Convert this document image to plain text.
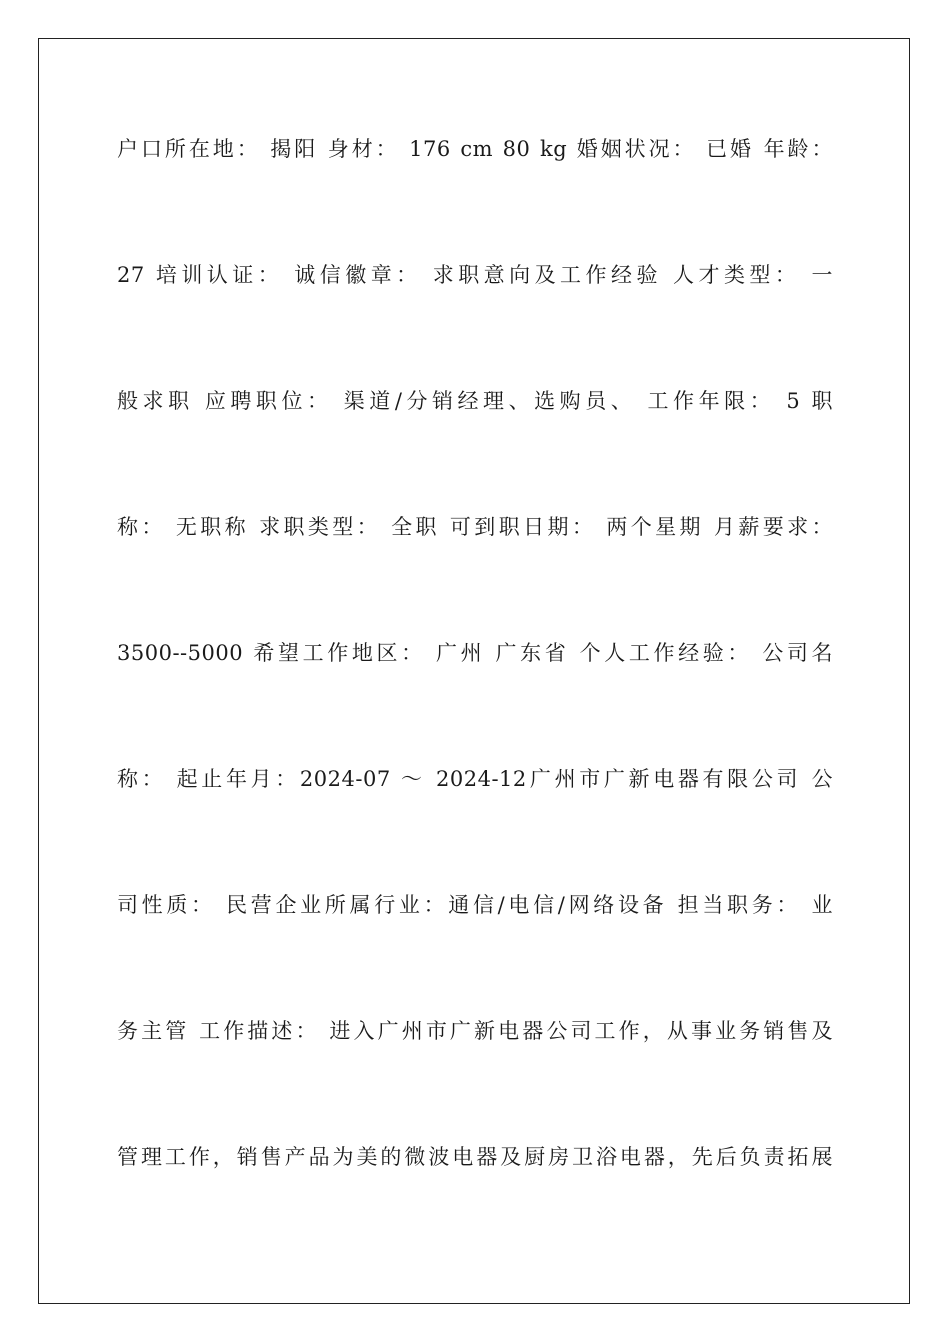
户口所在地： 揭阳 身材： 176 cm 80 kg 婚姻状况： 已婚 年龄：
27 培训认证： 诚信徽章： 求职意向及工作经验 人才类型： 一
般求职 应聘职位： 渠道/分销经理、选购员、 工作年限： 5 职
称： 无职称 求职类型： 全职 可到职日期： 两个星期 月薪要求：
3500--5000 希望工作地区： 广州 广东省 个人工作经验： 公司名
称： 起止年月：2024-07 ～ 2024-12广州市广新电器有限公司 公
司性质： 民营企业所属行业：通信/电信/网络设备 担当职务： 业
务主管 工作描述： 进入广州市广新电器公司工作，从事业务销售及
管理工作，销售产品为美的微波电器及厨房卫浴电器，先后负责拓展
